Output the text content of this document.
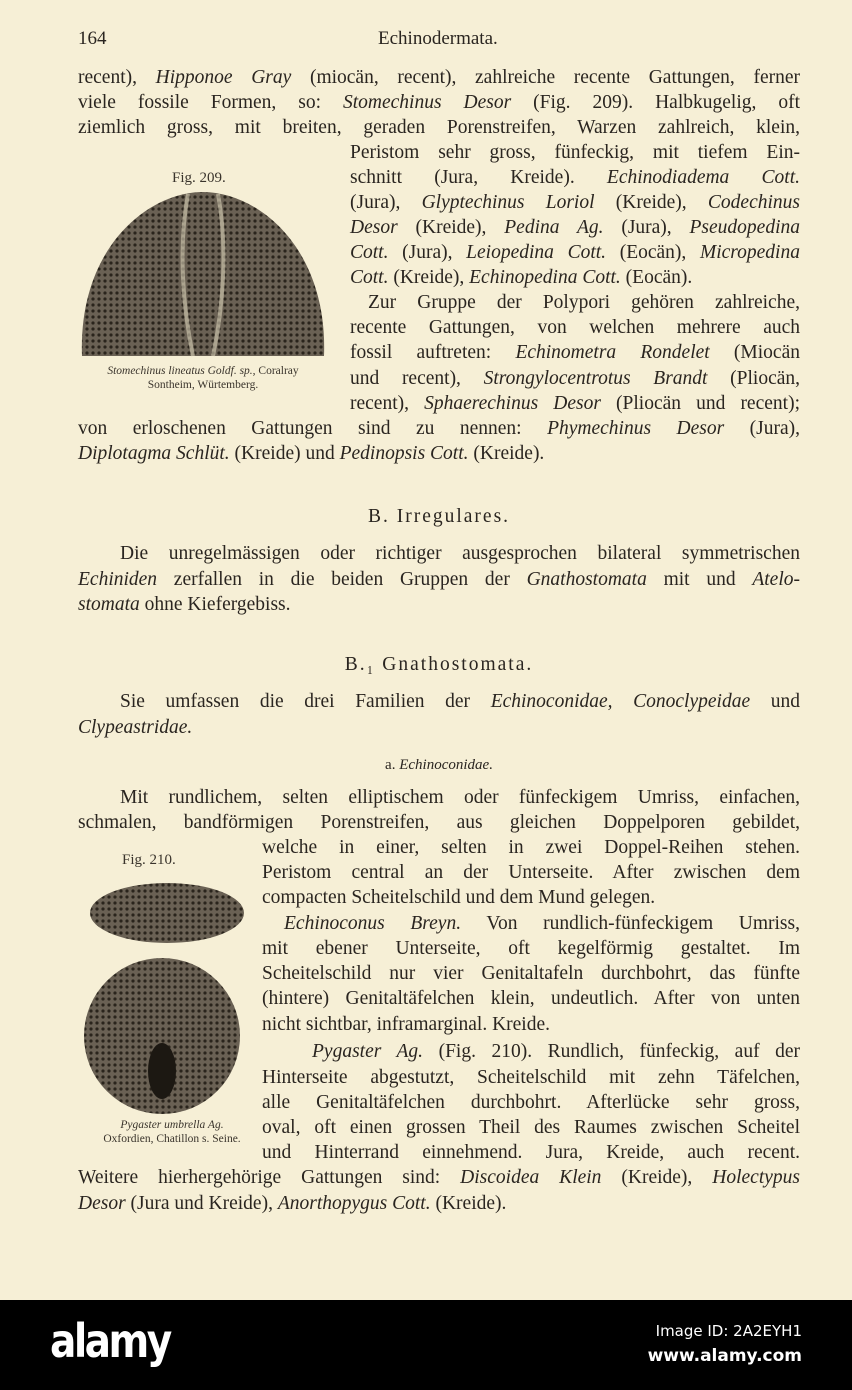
164	Echinodermata.
Fig. 209.
Stomechinus lineatus Goldf. sp., Coralray
Sontheim, Würtemberg.
Fig. 210.
Pygaster umbrella Ag.
Oxfordien, Chatillon s. Seine.
recent), Hipponoe Gray (miocän, recent), zahlreiche recente Gattungen, ferner
viele fossile Formen, so: Stomechinus Desor (Fig. 209). Halbkugelig, oft
ziemlich gross, mit breiten, geraden Porenstreifen, Warzen zahlreich, klein,
Peristom sehr gross, fünfeckig, mit tiefem Ein-
schnitt (Jura, Kreide). Echinodiadema Cott.
(Jura), Glyptechinus Loriol (Kreide), Codechinus
Desor (Kreide), Pedina Ag. (Jura), Pseudopedina
Cott. (Jura), Leiopedina Cott. (Eocän), Micropedina
Cott. (Kreide), Echinopedina Cott. (Eocän).
Zur Gruppe der Polypori gehören zahlreiche,
recente Gattungen, von welchen mehrere auch
fossil auftreten: Echinometra Rondelet (Miocän
und recent), Strongylocentrotus Brandt (Pliocän,
recent), Sphaerechinus Desor (Pliocän und recent);
von erloschenen Gattungen sind zu nennen: Phymechinus Desor (Jura),
Diplotagma Schlüt. (Kreide) und Pedinopsis Cott. (Kreide).
B. Irregulares.
Die unregelmässigen oder richtiger ausgesprochen bilateral symmetrischen
Echiniden zerfallen in die beiden Gruppen der Gnathostomata mit und Atelo-
stomata ohne Kiefergebiss.
B.₁ Gnathostomata.
Sie umfassen die drei Familien der Echinoconidae, Conoclypeidae und
Clypeastridae.
a. Echinoconidae.
Mit rundlichem, selten elliptischem oder fünfeckigem Umriss, einfachen,
schmalen, bandförmigen Porenstreifen, aus gleichen Doppelporen gebildet,
welche in einer, selten in zwei Doppel-Reihen stehen.
Peristom central an der Unterseite. After zwischen dem
compacten Scheitelschild und dem Mund gelegen.
Echinoconus Breyn. Von rundlich-fünfeckigem Umriss,
mit ebener Unterseite, oft kegelförmig gestaltet. Im
Scheitelschild nur vier Genitaltafeln durchbohrt, das fünfte
(hintere) Genitaltäfelchen klein, undeutlich. After von unten
nicht sichtbar, inframarginal. Kreide.
Pygaster Ag. (Fig. 210). Rundlich, fünfeckig, auf der
Hinterseite abgestutzt, Scheitelschild mit zehn Täfelchen,
alle Genitaltäfelchen durchbohrt. Afterlücke sehr gross,
oval, oft einen grossen Theil des Raumes zwischen Scheitel
und Hinterrand einnehmend. Jura, Kreide, auch recent.
Weitere hierhergehörige Gattungen sind: Discoidea Klein (Kreide), Holectypus
Desor (Jura und Kreide), Anorthopygus Cott. (Kreide).
alamy	Image ID: 2A2EYH1
www.alamy.com
